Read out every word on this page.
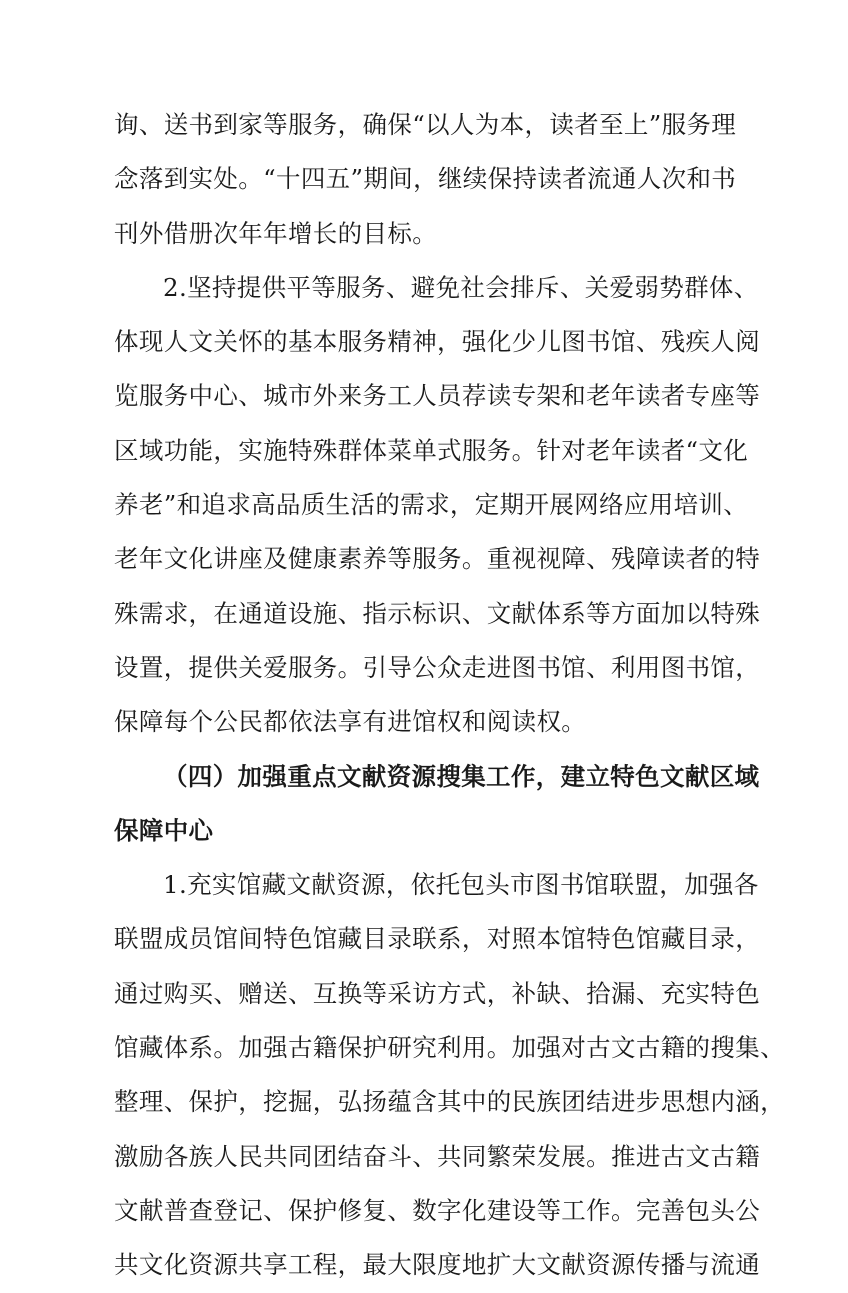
询、送书到家等服务，确保“以人为本，读者至上”服务理
念落到实处。“十四五”期间，继续保持读者流通人次和书
刊外借册次年年增长的目标。
2.坚持提供平等服务、避免社会排斥、关爱弱势群体、
体现人文关怀的基本服务精神，强化少儿图书馆、残疾人阅
览服务中心、城市外来务工人员荐读专架和老年读者专座等
区域功能，实施特殊群体菜单式服务。针对老年读者“文化
养老”和追求高品质生活的需求，定期开展网络应用培训、
老年文化讲座及健康素养等服务。重视视障、残障读者的特
殊需求，在通道设施、指示标识、文献体系等方面加以特殊
设置，提供关爱服务。引导公众走进图书馆、利用图书馆，
保障每个公民都依法享有进馆权和阅读权。
（四）加强重点文献资源搜集工作，建立特色文献区域
保障中心
1.充实馆藏文献资源，依托包头市图书馆联盟，加强各
联盟成员馆间特色馆藏目录联系，对照本馆特色馆藏目录，
通过购买、赠送、互换等采访方式，补缺、拾漏、充实特色
馆藏体系。加强古籍保护研究利用。加强对古文古籍的搜集、
整理、保护，挖掘，弘扬蕴含其中的民族团结进步思想内涵，
激励各族人民共同团结奋斗、共同繁荣发展。推进古文古籍
文献普查登记、保护修复、数字化建设等工作。完善包头公
共文化资源共享工程，最大限度地扩大文献资源传播与流通
